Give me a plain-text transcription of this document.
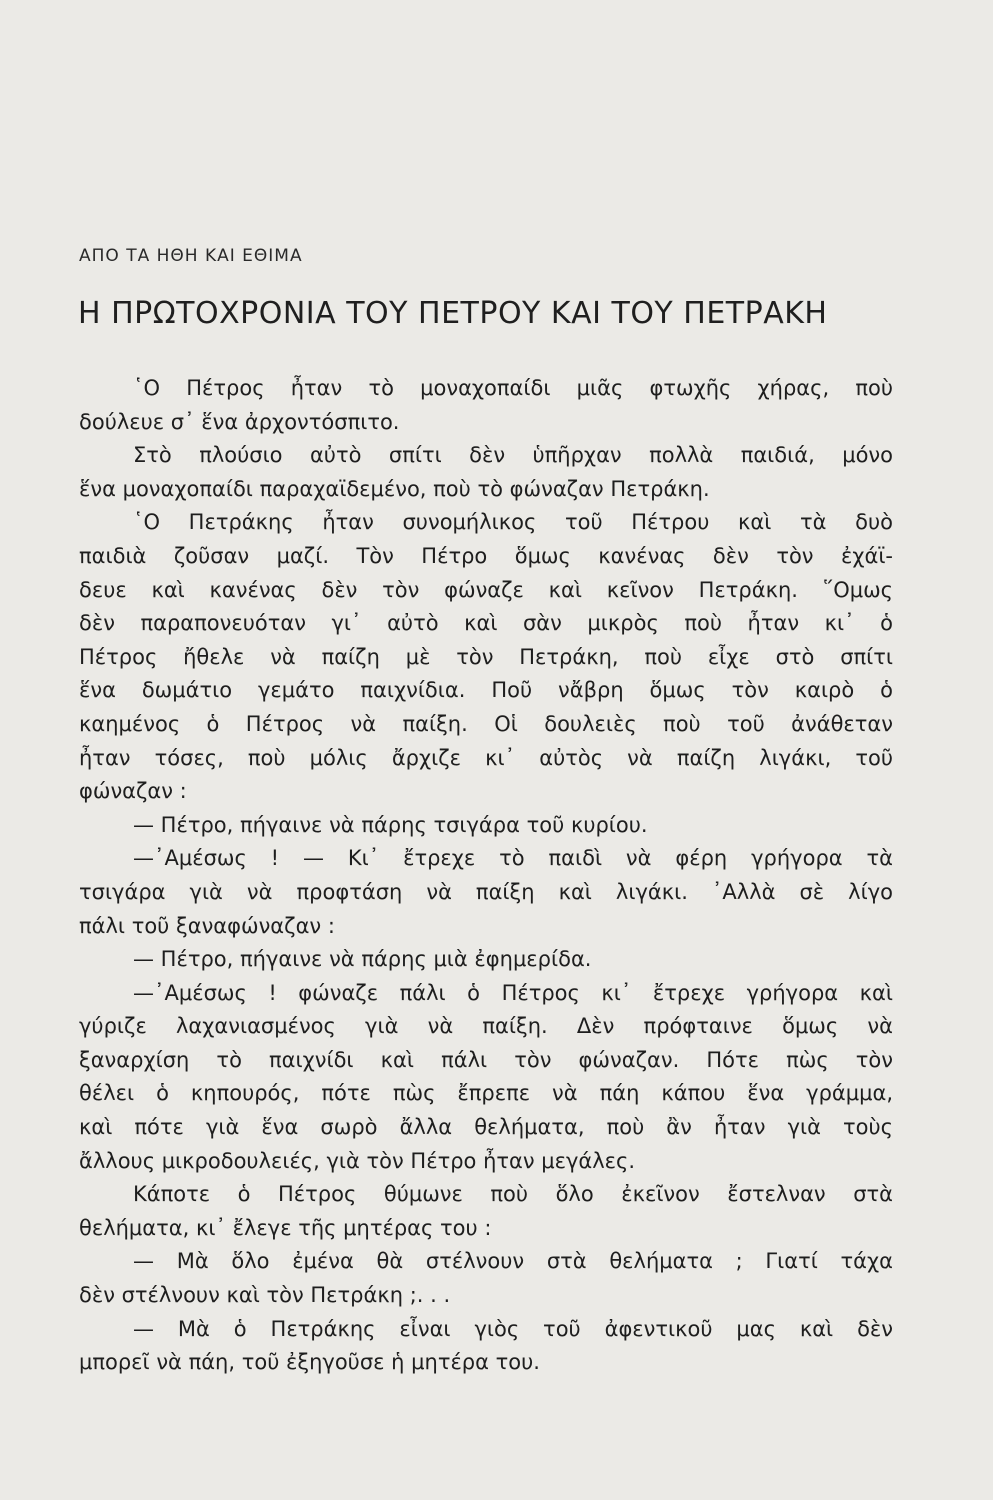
ΑΠΟ ΤΑ ΗΘΗ ΚΑΙ ΕΘΙΜΑ
Η ΠΡΩΤΟΧΡΟΝΙΑ ΤΟΥ ΠΕΤΡΟΥ ΚΑΙ ΤΟΥ ΠΕΤΡΑΚΗ
῾Ο Πέτρος ἦταν τὸ μοναχοπαίδι μιᾶς φτωχῆς χήρας, ποὺ
δούλευε σ᾿ ἕνα ἀρχοντόσπιτο.
Στὸ πλούσιο αὐτὸ σπίτι δὲν ὑπῆρχαν πολλὰ παιδιά, μόνο
ἕνα μοναχοπαίδι παραχαϊδεμένο, ποὺ τὸ φώναζαν Πετράκη.
῾Ο Πετράκης ἦταν συνομήλικος τοῦ Πέτρου καὶ τὰ δυὸ
παιδιὰ ζοῦσαν μαζί. Τὸν Πέτρο ὅμως κανένας δὲν τὸν ἐχάϊ-
δευε καὶ κανένας δὲν τὸν φώναζε καὶ κεῖνον Πετράκη. ῞Ομως
δὲν παραπονευόταν γι᾿ αὐτὸ καὶ σὰν μικρὸς ποὺ ἦταν κι᾿ ὁ
Πέτρος ἤθελε νὰ παίζη μὲ τὸν Πετράκη, ποὺ εἶχε στὸ σπίτι
ἕνα δωμάτιο γεμάτο παιχνίδια. Ποῦ νἄβρη ὅμως τὸν καιρὸ ὁ
καημένος ὁ Πέτρος νὰ παίξη. Οἱ δουλειὲς ποὺ τοῦ ἀνάθεταν
ἦταν τόσες, ποὺ μόλις ἄρχιζε κι᾿ αὐτὸς νὰ παίζη λιγάκι, τοῦ
φώναζαν :
— Πέτρο, πήγαινε νὰ πάρης τσιγάρα τοῦ κυρίου.
—᾿Αμέσως ! — Κι᾿ ἔτρεχε τὸ παιδὶ νὰ φέρη γρήγορα τὰ
τσιγάρα γιὰ νὰ προφτάση νὰ παίξη καὶ λιγάκι. ᾿Αλλὰ σὲ λίγο
πάλι τοῦ ξαναφώναζαν :
— Πέτρο, πήγαινε νὰ πάρης μιὰ ἐφημερίδα.
—᾿Αμέσως ! φώναζε πάλι ὁ Πέτρος κι᾿ ἔτρεχε γρήγορα καὶ
γύριζε λαχανιασμένος γιὰ νὰ παίξη. Δὲν πρόφταινε ὅμως νὰ
ξαναρχίση τὸ παιχνίδι καὶ πάλι τὸν φώναζαν. Πότε πὼς τὸν
θέλει ὁ κηπουρός, πότε πὼς ἔπρεπε νὰ πάη κάπου ἕνα γράμμα,
καὶ πότε γιὰ ἕνα σωρὸ ἄλλα θελήματα, ποὺ ἂν ἦταν γιὰ τοὺς
ἄλλους μικροδουλειές, γιὰ τὸν Πέτρο ἦταν μεγάλες.
Κάποτε ὁ Πέτρος θύμωνε ποὺ ὅλο ἐκεῖνον ἔστελναν στὰ
θελήματα, κι᾿ ἔλεγε τῆς μητέρας του :
— Μὰ ὅλο ἐμένα θὰ στέλνουν στὰ θελήματα ; Γιατί τάχα
δὲν στέλνουν καὶ τὸν Πετράκη ;. . .
— Μὰ ὁ Πετράκης εἶναι γιὸς τοῦ ἀφεντικοῦ μας καὶ δὲν
μπορεῖ νὰ πάη, τοῦ ἐξηγοῦσε ἡ μητέρα του.
